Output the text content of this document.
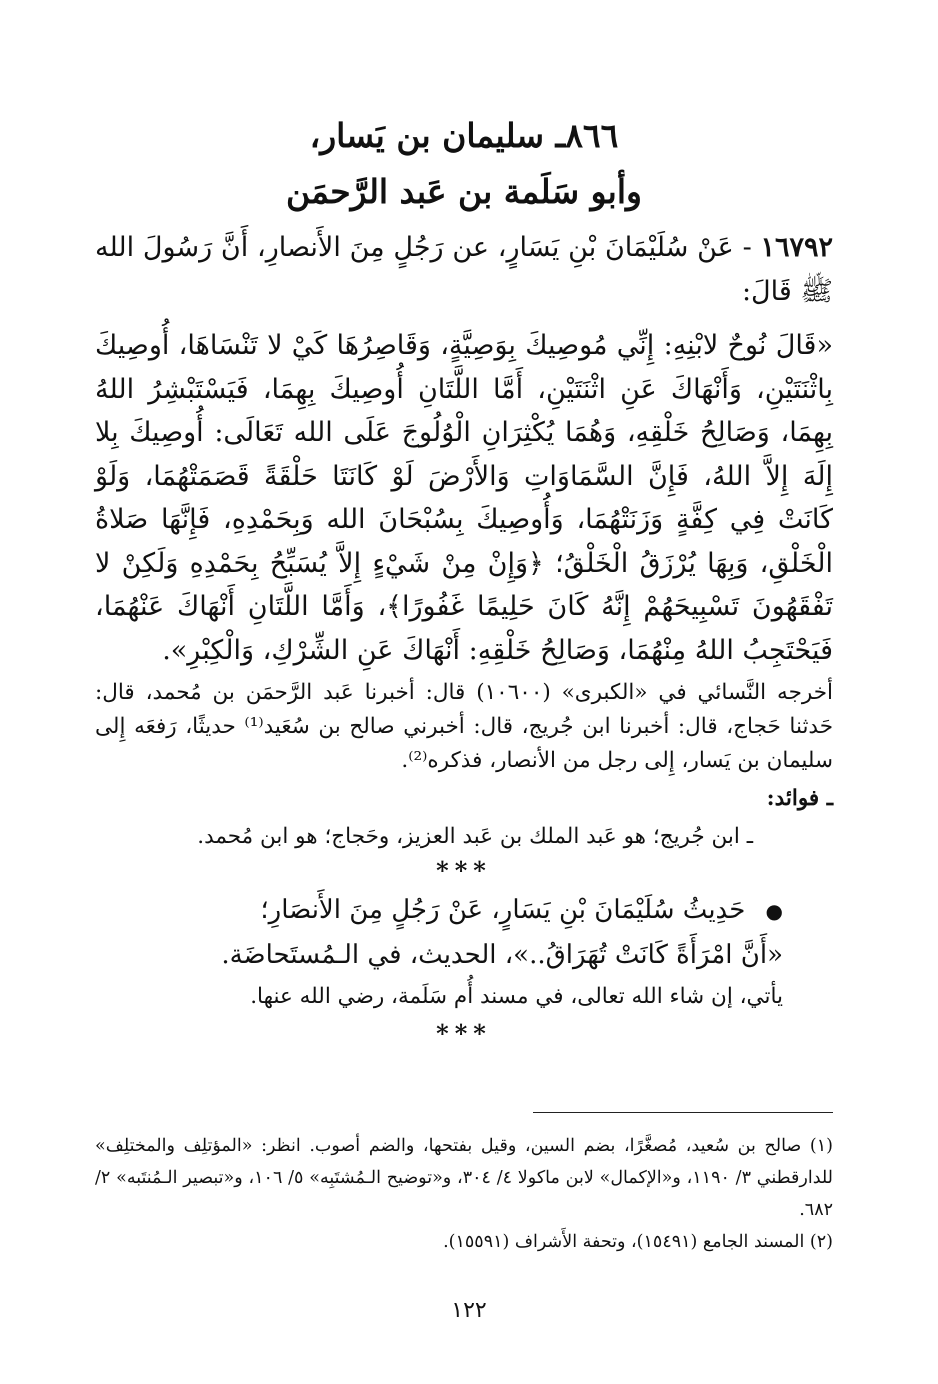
٨٦٦ـ سليمان بن يَسار،
وأبو سَلَمة بن عَبد الرَّحمَن
١٦٧٩٢ - عَنْ سُلَيْمَانَ بْنِ يَسَارٍ، عن رَجُلٍ مِنَ الأَنصارِ، أَنَّ رَسُولَ الله ﷺ قَالَ:
«قَالَ نُوحٌ لابْنِهِ: إِنِّي مُوصِيكَ بِوَصِيَّةٍ، وَقَاصِرُهَا كَيْ لا تَنْسَاهَا، أُوصِيكَ بِاثْنَتَيْنِ، وَأَنْهَاكَ عَنِ اثْنَتَيْنِ، أَمَّا اللَّتَانِ أُوصِيكَ بِهِمَا، فَيَسْتَبْشِرُ اللهُ بِهِمَا، وَصَالِحُ خَلْقِهِ، وَهُمَا يُكْثِرَانِ الْوُلُوجَ عَلَى الله تَعَالَى: أُوصِيكَ بِلا إِلَهَ إِلاَّ اللهُ، فَإِنَّ السَّمَاوَاتِ وَالأَرْضَ لَوْ كَانَتَا حَلْقَةً قَصَمَتْهُمَا، وَلَوْ كَانَتْ فِي كِفَّةٍ وَزَنَتْهُمَا، وَأُوصِيكَ بِسُبْحَانَ الله وَبِحَمْدِهِ، فَإِنَّهَا صَلاةُ الْخَلْقِ، وَبِهَا يُرْزَقُ الْخَلْقُ؛ ﴿وَإِنْ مِنْ شَيْءٍ إِلاَّ يُسَبِّحُ بِحَمْدِهِ وَلَكِنْ لا تَفْقَهُونَ تَسْبِيحَهُمْ إِنَّهُ كَانَ حَلِيمًا غَفُورًا﴾، وَأَمَّا اللَّتَانِ أَنْهَاكَ عَنْهُمَا، فَيَحْتَجِبُ اللهُ مِنْهُمَا، وَصَالِحُ خَلْقِهِ: أَنْهَاكَ عَنِ الشِّرْكِ، وَالْكِبْرِ».
أخرجه النَّسائي في «الكبرى» (١٠٦٠٠) قال: أخبرنا عَبد الرَّحمَن بن مُحمد، قال: حَدثنا حَجاج، قال: أخبرنا ابن جُريج، قال: أخبرني صالح بن سُعَيد⁽¹⁾ حديثًا، رَفعَه إِلى سليمان بن يَسار، إِلى رجل من الأنصار، فذكره⁽²⁾.
ـ فوائد:
ـ ابن جُريج؛ هو عَبد الملك بن عَبد العزيز، وحَجاج؛ هو ابن مُحمد.
***
● حَدِيثُ سُلَيْمَانَ بْنِ يَسَارٍ، عَنْ رَجُلٍ مِنَ الأَنصَارِ؛
«أَنَّ امْرَأَةً كَانَتْ تُهَرَاقُ..»، الحديث، في الـمُستَحاضَة.
يأتي، إن شاء الله تعالى، في مسند أُم سَلَمة، رضي الله عنها.
***

(١) صالح بن سُعيد، مُصغَّرًا، بضم السين، وقيل بفتحها، والضم أصوب. انظر: «المؤتلِف والمختلِف» للدارقطني ٣/ ١١٩٠، و«الإكمال» لابن ماكولا ٤/ ٣٠٤، و«توضيح الـمُشتَبِه» ٥/ ١٠٦، و«تبصير الـمُنتَبه» ٢/ ٦٨٢.

(٢) المسند الجامع (١٥٤٩١)، وتحفة الأَشراف (١٥٥٩١).

١٢٢
